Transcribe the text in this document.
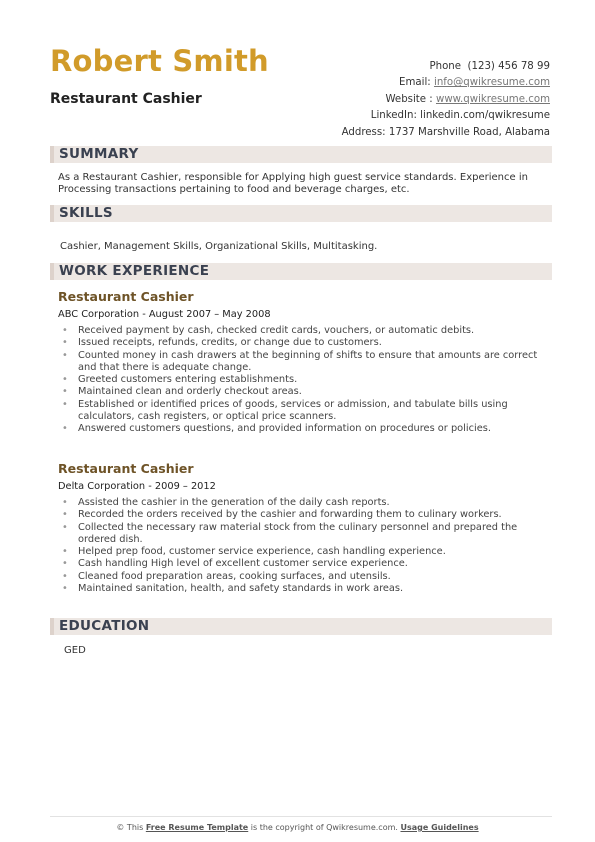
Robert Smith
Restaurant Cashier
Phone (123) 456 78 99
Email: info@qwikresume.com
Website : www.qwikresume.com
LinkedIn: linkedin.com/qwikresume
Address: 1737 Marshville Road, Alabama
SUMMARY
As a Restaurant Cashier, responsible for Applying high guest service standards. Experience in Processing transactions pertaining to food and beverage charges, etc.
SKILLS
Cashier, Management Skills, Organizational Skills, Multitasking.
WORK EXPERIENCE
Restaurant Cashier
ABC Corporation - August 2007 – May 2008
• Received payment by cash, checked credit cards, vouchers, or automatic debits.
• Issued receipts, refunds, credits, or change due to customers.
• Counted money in cash drawers at the beginning of shifts to ensure that amounts are correct and that there is adequate change.
• Greeted customers entering establishments.
• Maintained clean and orderly checkout areas.
• Established or identified prices of goods, services or admission, and tabulate bills using calculators, cash registers, or optical price scanners.
• Answered customers questions, and provided information on procedures or policies.
Restaurant Cashier
Delta Corporation - 2009 – 2012
• Assisted the cashier in the generation of the daily cash reports.
• Recorded the orders received by the cashier and forwarding them to culinary workers.
• Collected the necessary raw material stock from the culinary personnel and prepared the ordered dish.
• Helped prep food, customer service experience, cash handling experience.
• Cash handling High level of excellent customer service experience.
• Cleaned food preparation areas, cooking surfaces, and utensils.
• Maintained sanitation, health, and safety standards in work areas.
EDUCATION
GED
© This Free Resume Template is the copyright of Qwikresume.com. Usage Guidelines
